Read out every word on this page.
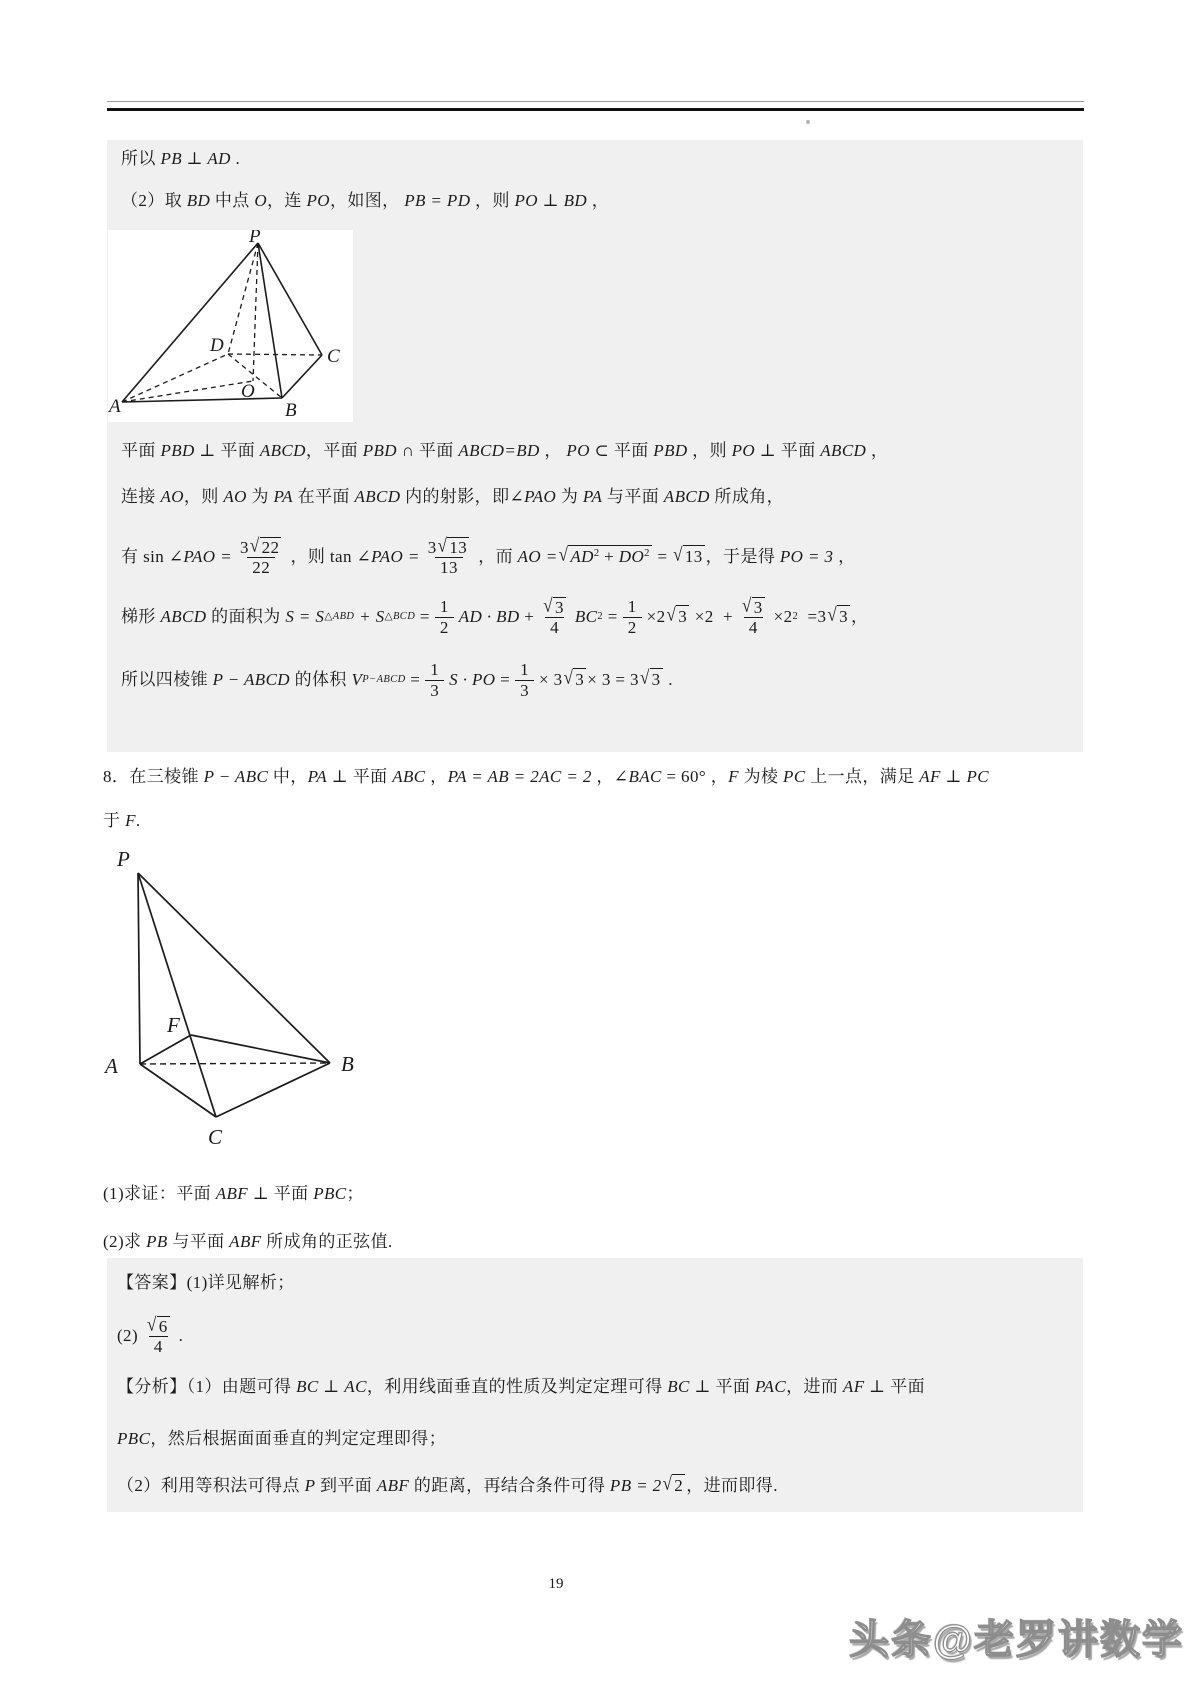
所以 PB ⊥ AD .
（2）取 BD 中点 O，连 PO，如图， PB = PD ，则 PO ⊥ BD ，
P
D
C
A
O
B
平面 PBD ⊥ 平面 ABCD，平面 PBD ∩ 平面 ABCD=BD ， PO ⊂ 平面 PBD ，则 PO ⊥ 平面 ABCD ，
连接 AO，则 AO 为 PA 在平面 ABCD 内的射影，即∠PAO 为 PA 与平面 ABCD 所成角，
有 sin ∠PAO = $\frac{3 √ 22}{22}$ ，则 tan ∠PAO = $\frac{3 √ 13}{13}$ ，而 AO = √ $AD^2 + DO^2$ = √ 13 ，于是得 PO = 3 ，
梯形 ABCD 的面积为 S = S △ABD + S △BCD = $\frac{1}{2}$ AD · BD + $\frac{√ 3}{4}$ BC $2 = \frac{1}{2} \times 2$ √ $3 \times 2 + \frac{√ 3}{4} \times 2$ 2 =3 √ 3 ，
所以四棱锥 P − ABCD 的体积 V P−ABCD = $\frac{1}{3}$ S · PO = $\frac{1}{3} \times 3$ √ 3 × 3 = 3 √ 3 .
8．在三棱锥 P − ABC 中，PA ⊥ 平面 ABC ，PA = AB = 2AC = 2 ，∠BAC = 60° ，F 为棱 PC 上一点，满足 AF ⊥ PC
于 F.
P
F
A	B
C
(1)求证：平面 ABF ⊥ 平面 PBC；
(2)求 PB 与平面 ABF 所成角的正弦值.
【答案】(1)详见解析；
$(2) \frac{√ 6}{4}$ .
【分析】（1）由题可得 BC ⊥ AC，利用线面垂直的性质及判定定理可得 BC ⊥ 平面 PAC，进而 AF ⊥ 平面
PBC，然后根据面面垂直的判定定理即得；
（2）利用等积法可得点 P 到平面 ABF 的距离，再结合条件可得 PB = 2 √ 2 ，进而即得 .
19
头条@老罗讲数学
